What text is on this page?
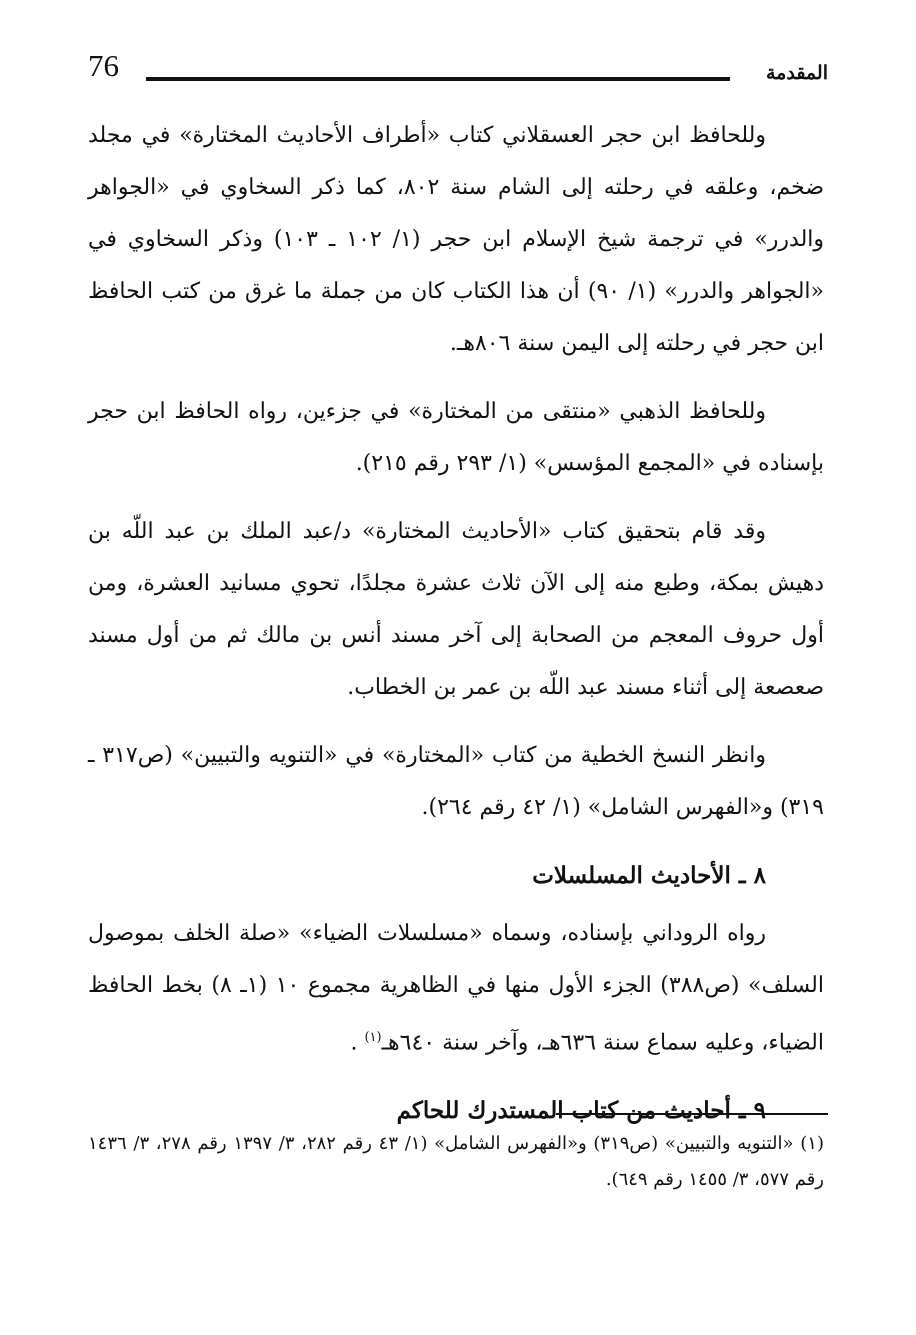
76	المقدمة

وللحافظ ابن حجر العسقلاني كتاب «أطراف الأحاديث المختارة» في مجلد ضخم، وعلقه في رحلته إلى الشام سنة ٨٠٢، كما ذكر السخاوي في «الجواهر والدرر» في ترجمة شيخ الإسلام ابن حجر (١/ ١٠٢ ـ ١٠٣) وذكر السخاوي في «الجواهر والدرر» (١/ ٩٠) أن هذا الكتاب كان من جملة ما غرق من كتب الحافظ ابن حجر في رحلته إلى اليمن سنة ٨٠٦هـ.

وللحافظ الذهبي «منتقى من المختارة» في جزءين، رواه الحافظ ابن حجر بإسناده في «المجمع المؤسس» (١/ ٢٩٣ رقم ٢١٥).

وقد قام بتحقيق كتاب «الأحاديث المختارة» د/عبد الملك بن عبد اللّه بن دهيش بمكة، وطبع منه إلى الآن ثلاث عشرة مجلدًا، تحوي مسانيد العشرة، ومن أول حروف المعجم من الصحابة إلى آخر مسند أنس بن مالك ثم من أول مسند صعصعة إلى أثناء مسند عبد اللّه بن عمر بن الخطاب.

وانظر النسخ الخطية من كتاب «المختارة» في «التنويه والتبيين» (ص٣١٧ ـ ٣١٩) و«الفهرس الشامل» (١/ ٤٢ رقم ٢٦٤).

٨ ـ الأحاديث المسلسلات

رواه الروداني بإسناده، وسماه «مسلسلات الضياء» «صلة الخلف بموصول السلف» (ص٣٨٨) الجزء الأول منها في الظاهرية مجموع ١٠ (١ـ ٨) بخط الحافظ الضياء، وعليه سماع سنة ٦٣٦هـ، وآخر سنة ٦٤٠هـ$^{(١)}$ .

٩ ـ أحاديث من كتاب المستدرك للحاكم
(١) «التنويه والتبيين» (ص٣١٩) و«الفهرس الشامل» (١/ ٤٣ رقم ٢٨٢، ٣/ ١٣٩٧ رقم ٢٧٨، ٣/ ١٤٣٦ رقم ٥٧٧، ٣/ ١٤٥٥ رقم ٦٤٩).
